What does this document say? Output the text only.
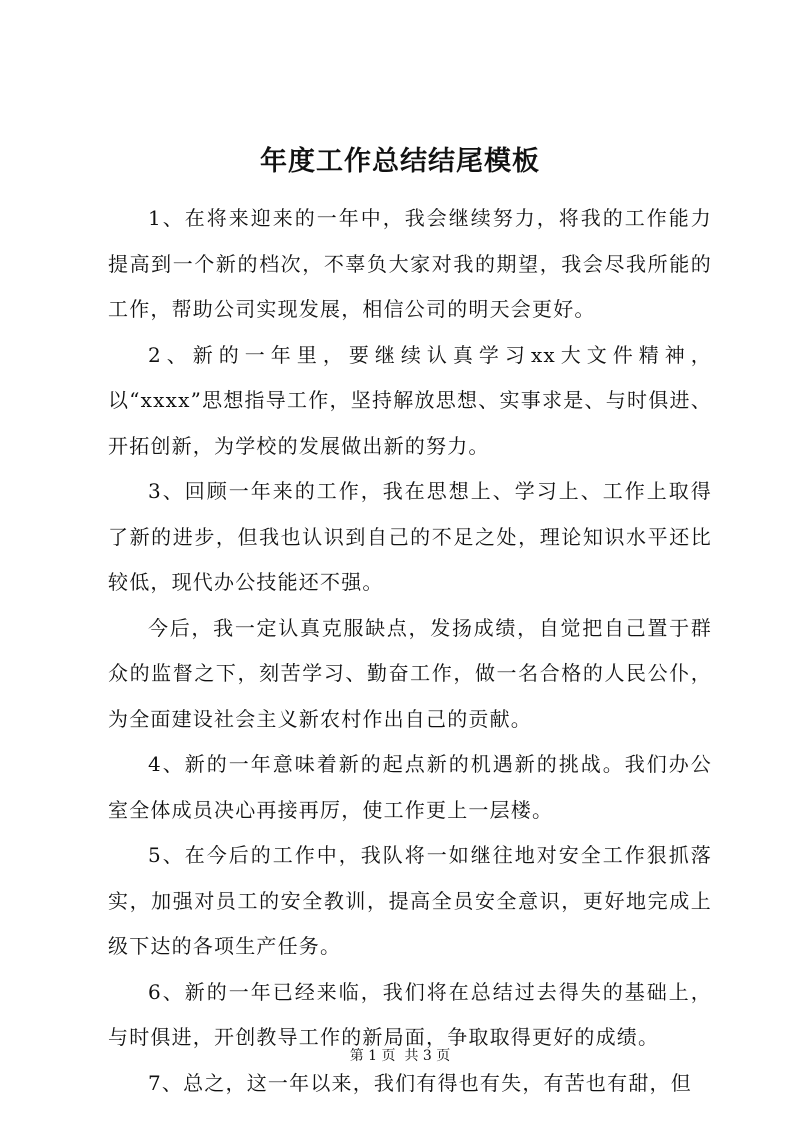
年度工作总结结尾模板

1、在将来迎来的一年中，我会继续努力，将我的工作能力提高到一个新的档次，不辜负大家对我的期望，我会尽我所能的工作，帮助公司实现发展，相信公司的明天会更好。

2、新的一年里，要继续认真学习xx大文件精神，以“xxxx”思想指导工作，坚持解放思想、实事求是、与时俱进、开拓创新，为学校的发展做出新的努力。

3、回顾一年来的工作，我在思想上、学习上、工作上取得了新的进步，但我也认识到自己的不足之处，理论知识水平还比较低，现代办公技能还不强。

今后，我一定认真克服缺点，发扬成绩，自觉把自己置于群众的监督之下，刻苦学习、勤奋工作，做一名合格的人民公仆，为全面建设社会主义新农村作出自己的贡献。

4、新的一年意味着新的起点新的机遇新的挑战。我们办公室全体成员决心再接再厉，使工作更上一层楼。

5、在今后的工作中，我队将一如继往地对安全工作狠抓落实，加强对员工的安全教训，提高全员安全意识，更好地完成上级下达的各项生产任务。

6、新的一年已经来临，我们将在总结过去得失的基础上，与时俱进，开创教导工作的新局面，争取取得更好的成绩。

7、总之，这一年以来，我们有得也有失，有苦也有甜，但

第 1 页  共 3 页
